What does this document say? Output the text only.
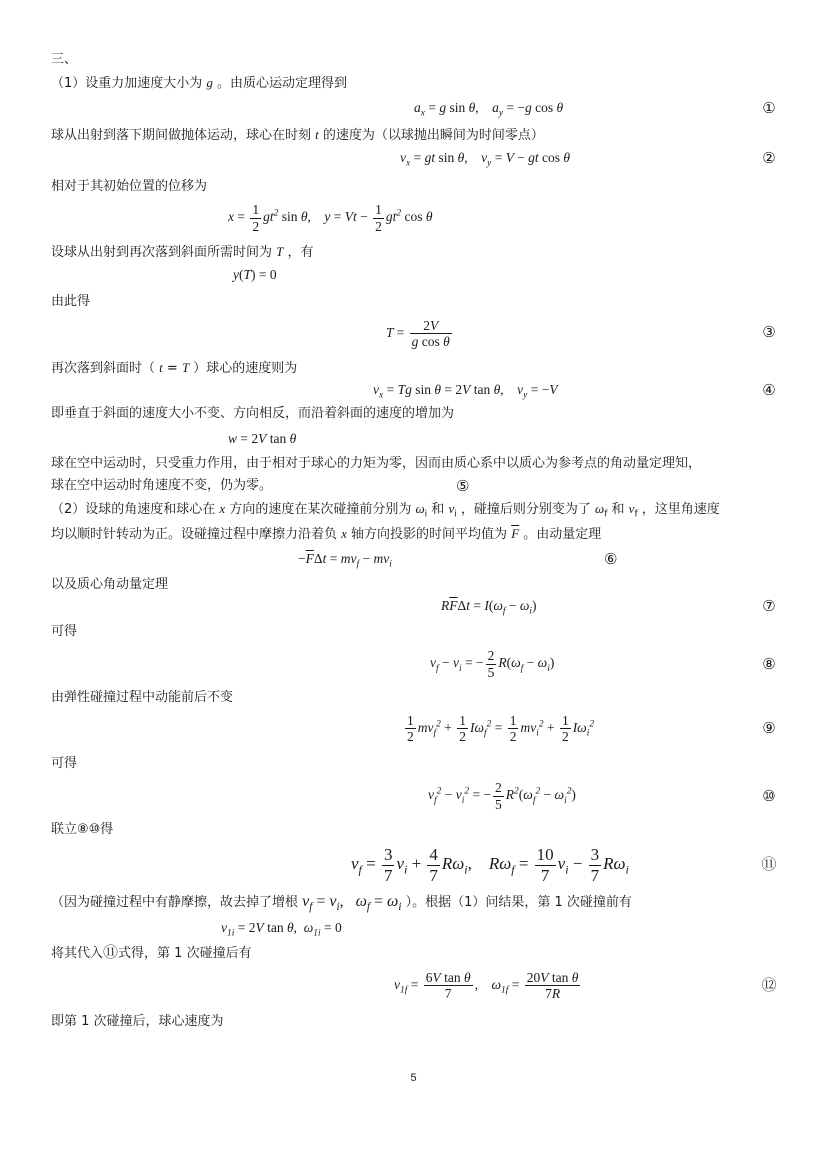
三、
（1）设重力加速度大小为 g 。由质心运动定理得到
$a_x = g$ sin θ,    $a_y = -g$ cos θ	①
球从出射到落下期间做抛体运动，球心在时刻 t 的速度为（以球抛出瞬间为时间零点）
$v_x$ = gt sin θ,    $v_y = V$ − gt cos θ	②
相对于其初始位置的位移为
$x = \frac{1}{2} gt^2$ sin θ,    $y = Vt - \frac{1}{2} gt^2$ cos θ
设球从出射到再次落到斜面所需时间为 T ，有
y(T) = 0
由此得
$T = \frac{2V}{\text{g cos θ}}$	③
再次落到斜面时（ t = T ）球心的速度则为
$v_x = Tg$ sin θ = 2V tan θ,    $v_y = -V$	④
即垂直于斜面的速度大小不变、方向相反，而沿着斜面的速度的增加为
w = 2V tan θ
球在空中运动时，只受重力作用，由于相对于球心的力矩为零，因而由质心系中以质心为参考点的角动量定理知，
球在空中运动时角速度不变，仍为零。	⑤
（2）设球的角速度和球心在 x 方向的速度在某次碰撞前分别为 $\omega_i$ 和 $v_i$ ，碰撞后则分别变为了 $\omega_f$ 和 $v_f$ ，这里角速度
均以顺时针转动为正。设碰撞过程中摩擦力沿着负 x 轴方向投影的时间平均值为 $\overline{F}$ 。由动量定理
$-\overline{F}\Delta t = mv_f - mv_i$	⑥
以及质心角动量定理
$R\overline{F}\Delta t = I(\omega_f - \omega_i)$	⑦
可得
$v_f - v_i$ = − $\frac{2}{5} R(\omega_f - \omega_i)$	⑧
由弹性碰撞过程中动能前后不变
$\frac{1}{2} mv_f^2 + \frac{1}{2} I\omega_f^2 = \frac{1}{2} mv_i^2 + \frac{1}{2} I\omega_i^2$	⑨
可得
$v_f^2 - v_i^2$ = − $\frac{2}{5} R^2(\omega_f^2 - \omega_i^2)$	⑩
联立⑧⑩得
$v_f = \frac{3}{7} v_i + \frac{4}{7} R\omega_i$,    $R\omega_f = \frac{10}{7} v_i - \frac{3}{7} R\omega_i$	⑪
（因为碰撞过程中有静摩擦，故去掉了增根 $v_f = v_i$,   $\omega_f = \omega_i$ ）。根据（1）问结果，第 1 次碰撞前有
$v_{1i} = 2V$ tan θ,  $\omega_{1i} = 0$
将其代入⑪式得，第 1 次碰撞后有
$v_{1f} = \frac{\text{6V tan θ}}{7}$ ,    $\omega_{1f} = \frac{\text{20V tan θ}}{7R}$	⑫
即第 1 次碰撞后，球心速度为
5
